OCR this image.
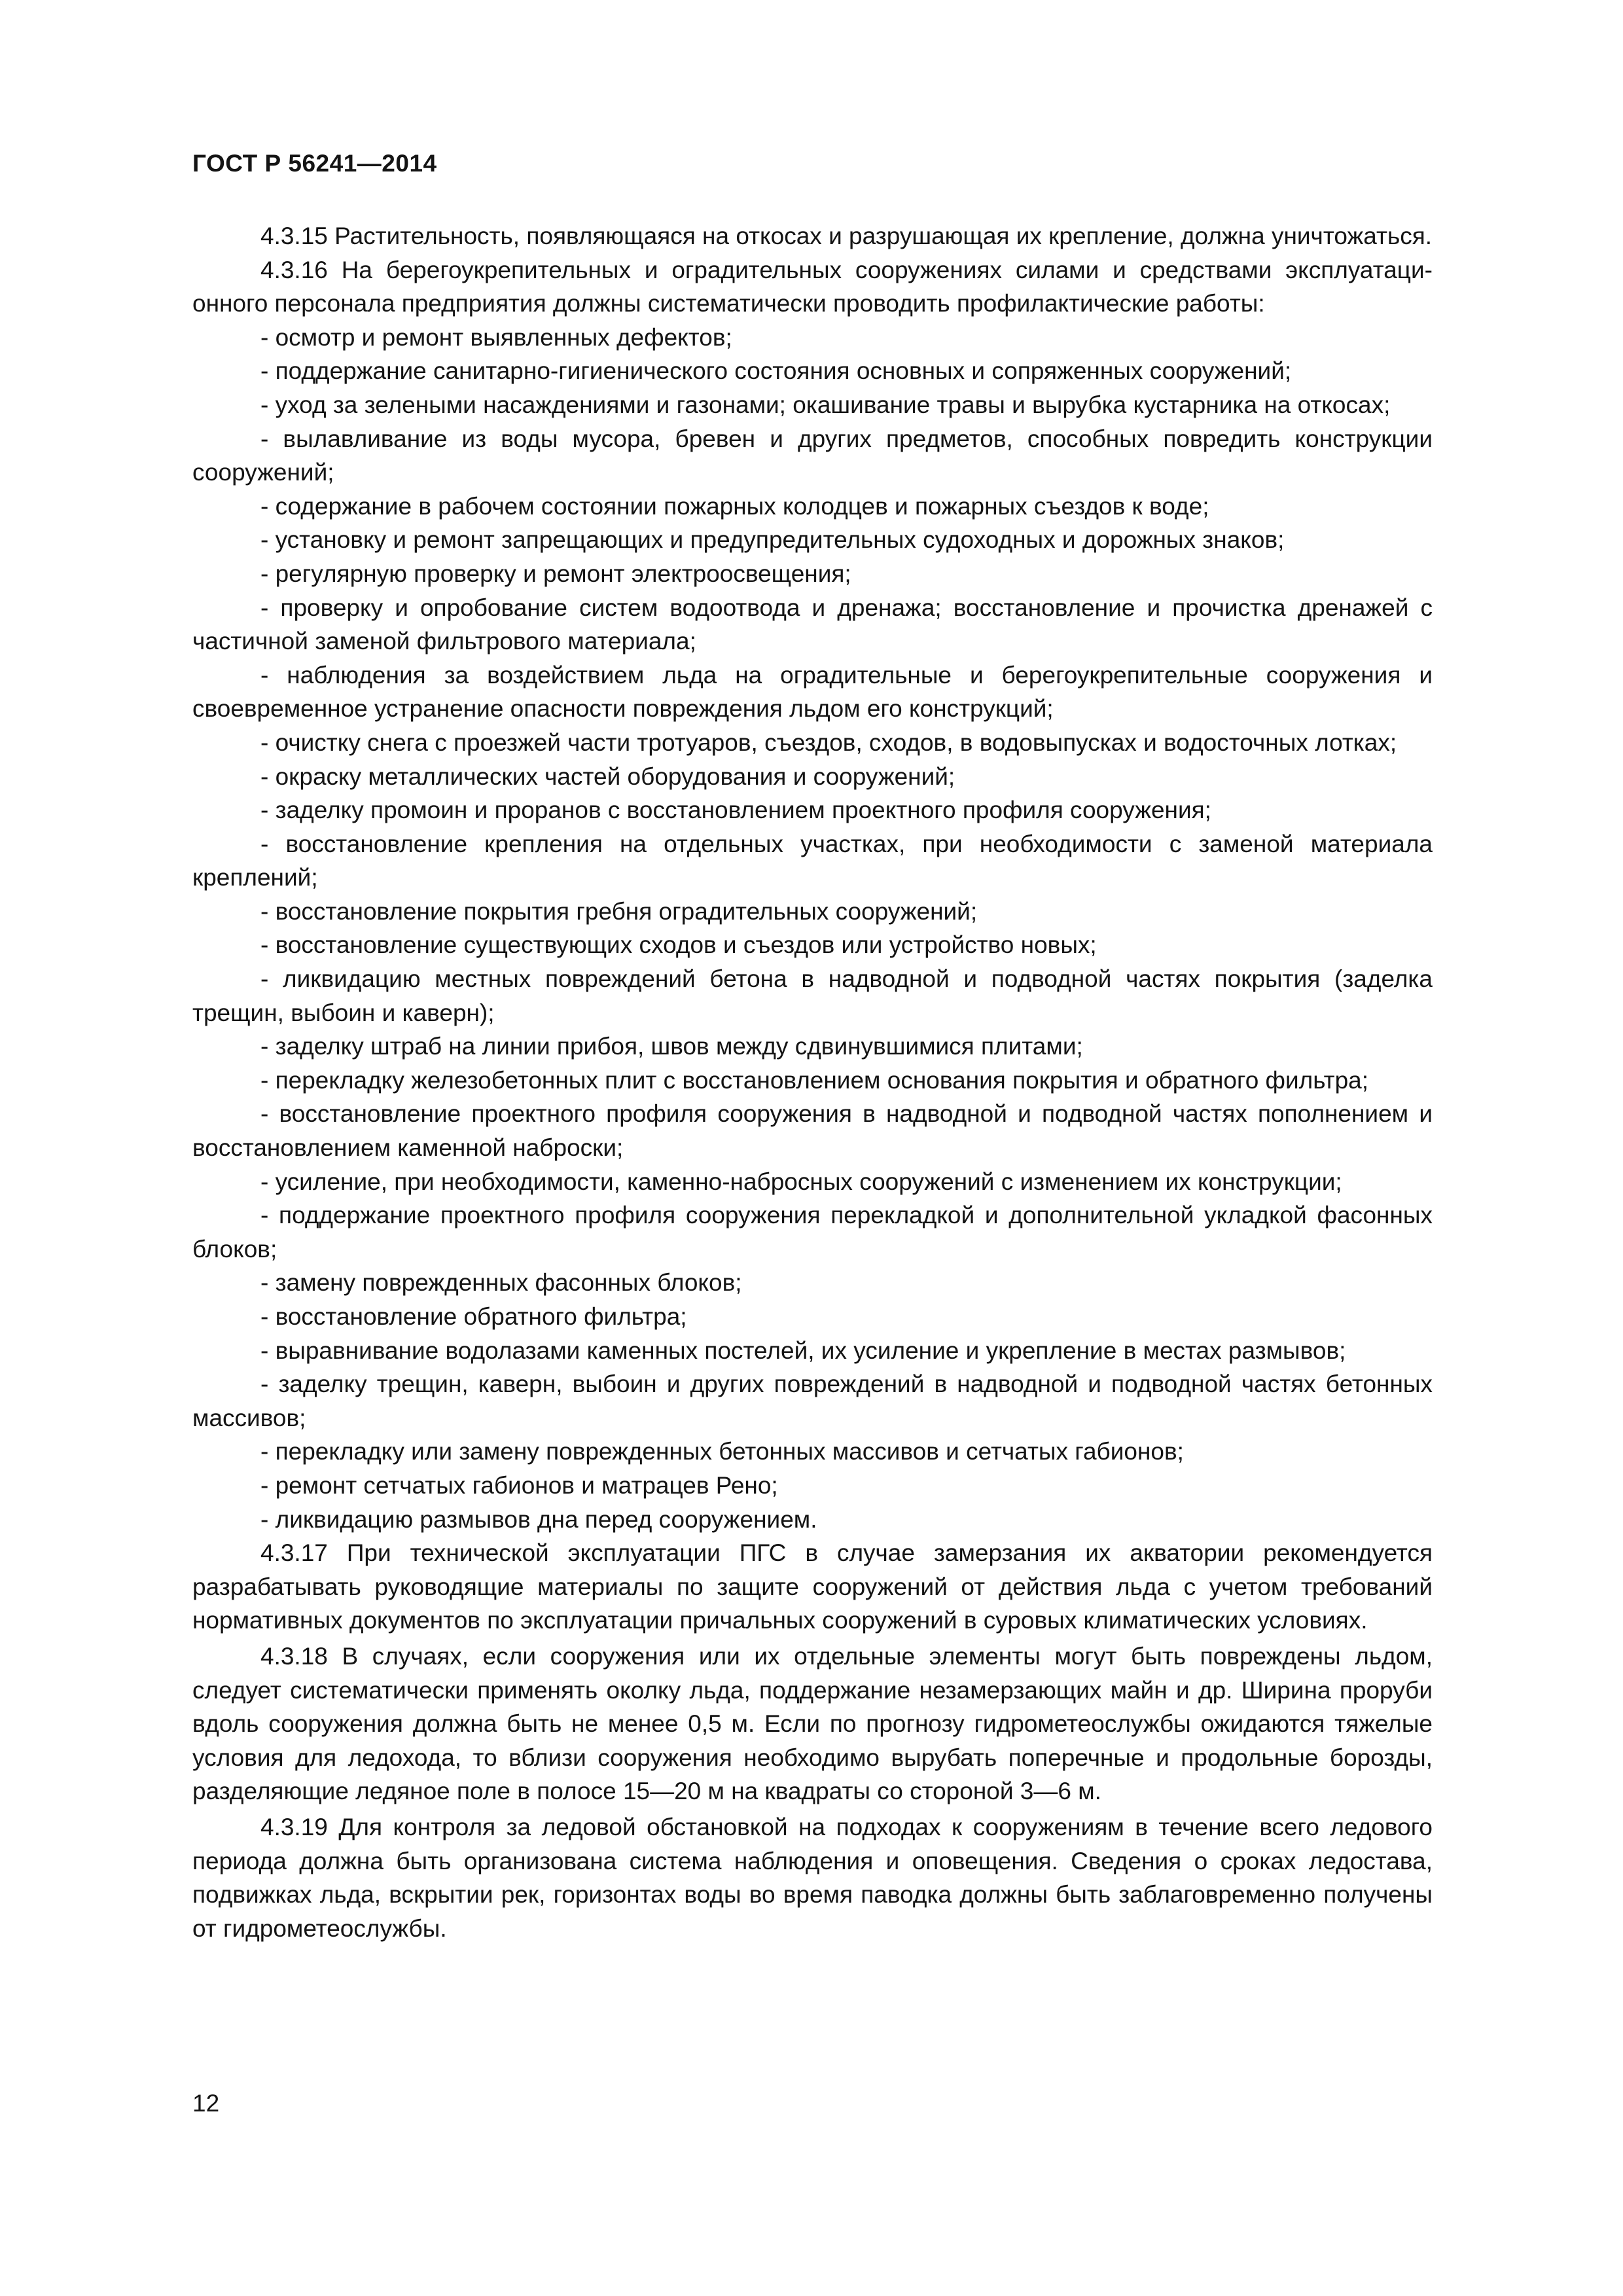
ГОСТ Р 56241—2014

4.3.15 Растительность, появляющаяся на откосах и разрушающая их крепление, должна уничтожаться.

4.3.16 На берегоукрепительных и оградительных сооружениях силами и средствами эксплуатационного персонала предприятия должны систематически проводить профилактические работы:

- осмотр и ремонт выявленных дефектов;

- поддержание санитарно-гигиенического состояния основных и сопряженных сооружений;

- уход за зелеными насаждениями и газонами; окашивание травы и вырубка кустарника на откосах;

- вылавливание из воды мусора, бревен и других предметов, способных повредить конструкции сооружений;

- содержание в рабочем состоянии пожарных колодцев и пожарных съездов к воде;

- установку и ремонт запрещающих и предупредительных судоходных и дорожных знаков;

- регулярную проверку и ремонт электроосвещения;

- проверку и опробование систем водоотвода и дренажа; восстановление и прочистка дренажей с частичной заменой фильтрового материала;

- наблюдения за воздействием льда на оградительные и берегоукрепительные сооружения и своевременное устранение опасности повреждения льдом его конструкций;

- очистку снега с проезжей части тротуаров, съездов, сходов, в водовыпусках и водосточных лотках;

- окраску металлических частей оборудования и сооружений;

- заделку промоин и проранов с восстановлением проектного профиля сооружения;

- восстановление крепления на отдельных участках, при необходимости с заменой материала креплений;

- восстановление покрытия гребня оградительных сооружений;

- восстановление существующих сходов и съездов или устройство новых;

- ликвидацию местных повреждений бетона в надводной и подводной частях покрытия (заделка трещин, выбоин и каверн);

- заделку штраб на линии прибоя, швов между сдвинувшимися плитами;

- перекладку железобетонных плит с восстановлением основания покрытия и обратного фильтра;

- восстановление проектного профиля сооружения в надводной и подводной частях пополнением и восстановлением каменной наброски;

- усиление, при необходимости, каменно-набросных сооружений с изменением их конструкции;

- поддержание проектного профиля сооружения перекладкой и дополнительной укладкой фасонных блоков;

- замену поврежденных фасонных блоков;

- восстановление обратного фильтра;

- выравнивание водолазами каменных постелей, их усиление и укрепление в местах размывов;

- заделку трещин, каверн, выбоин и других повреждений в надводной и подводной частях бетонных массивов;

- перекладку или замену поврежденных бетонных массивов и сетчатых габионов;

- ремонт сетчатых габионов и матрацев Рено;

- ликвидацию размывов дна перед сооружением.

4.3.17 При технической эксплуатации ПГС в случае замерзания их акватории рекомендуется разрабатывать руководящие материалы по защите сооружений от действия льда с учетом требований нормативных документов по эксплуатации причальных сооружений в суровых климатических условиях.

4.3.18 В случаях, если сооружения или их отдельные элементы могут быть повреждены льдом, следует систематически применять околку льда, поддержание незамерзающих майн и др. Ширина проруби вдоль сооружения должна быть не менее 0,5 м. Если по прогнозу гидрометеослужбы ожидаются тяжелые условия для ледохода, то вблизи сооружения необходимо вырубать поперечные и продольные борозды, разделяющие ледяное поле в полосе 15—20 м на квадраты со стороной 3—6 м.

4.3.19 Для контроля за ледовой обстановкой на подходах к сооружениям в течение всего ледового периода должна быть организована система наблюдения и оповещения. Сведения о сроках ледостава, подвижках льда, вскрытии рек, горизонтах воды во время паводка должны быть заблаговременно получены от гидрометеослужбы.

12
